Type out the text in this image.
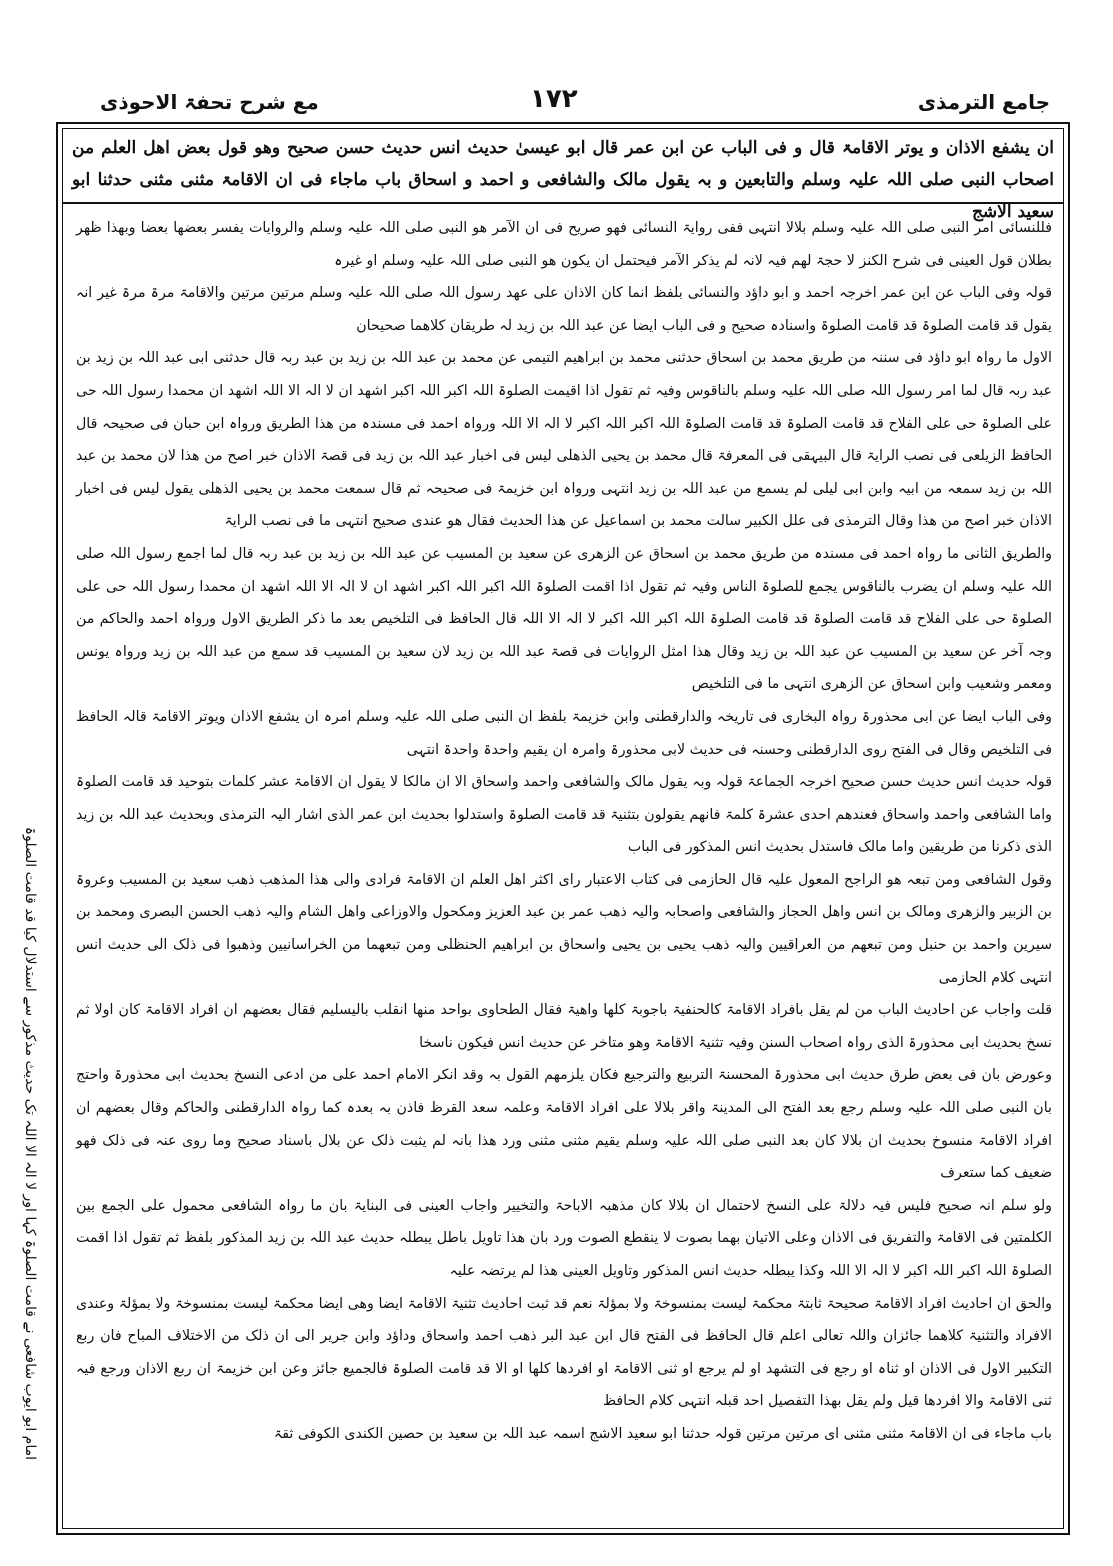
مع شرح تحفۃ الاحوذی	١٧٢	جامع الترمذی
ان یشفع الاذان و یوتر الاقامۃ قال و فی الباب عن ابن عمر قال ابو عیسیٰ حدیث انس حدیث حسن صحیح وھو قول بعض اھل العلم من اصحاب النبی صلی اللہ علیہ وسلم والتابعین و بہ یقول مالک والشافعی و احمد و اسحاق باب ماجاء فی ان الاقامۃ مثنی مثنی حدثنا ابو سعید الاشج

فللنسائی امر النبی صلی اللہ علیہ وسلم بلالا انتہی ففی روایۃ النسائی فھو صریح فی ان الآمر ھو النبی صلی اللہ علیہ وسلم والروایات یفسر بعضھا بعضا وبھذا ظھر بطلان قول العینی فی شرح الکنز لا حجۃ لھم فیہ لانہ لم یذکر الآمر فیحتمل ان یکون ھو النبی صلی اللہ علیہ وسلم او غیرہ

قولہ وفی الباب عن ابن عمر اخرجہ احمد و ابو داؤد والنسائی بلفظ انما کان الاذان علی عھد رسول اللہ صلی اللہ علیہ وسلم مرتین مرتین والاقامۃ مرۃ مرۃ غیر انہ یقول قد قامت الصلوۃ قد قامت الصلوۃ واسنادہ صحیح و فی الباب ایضا عن عبد اللہ بن زید لہ طریقان کلاھما صحیحان

الاول ما رواہ ابو داؤد فی سننہ من طریق محمد بن اسحاق حدثنی محمد بن ابراھیم التیمی عن محمد بن عبد اللہ بن زید بن عبد ربہ قال حدثنی ابی عبد اللہ بن زید بن عبد ربہ قال لما امر رسول اللہ صلی اللہ علیہ وسلم بالناقوس وفیہ ثم تقول اذا اقیمت الصلوۃ اللہ اکبر اللہ اکبر اشھد ان لا الہ الا اللہ اشھد ان محمدا رسول اللہ حی علی الصلوۃ حی علی الفلاح قد قامت الصلوۃ قد قامت الصلوۃ اللہ اکبر اللہ اکبر لا الہ الا اللہ ورواہ احمد فی مسندہ من ھذا الطریق ورواہ ابن حبان فی صحیحہ قال الحافظ الزیلعی فی نصب الرایۃ قال البیہقی فی المعرفۃ قال محمد بن یحیی الذھلی لیس فی اخبار عبد اللہ بن زید فی قصۃ الاذان خبر اصح من ھذا لان محمد بن عبد اللہ بن زید سمعہ من ابیہ وابن ابی لیلی لم یسمع من عبد اللہ بن زید انتہی ورواہ ابن خزیمۃ فی صحیحہ ثم قال سمعت محمد بن یحیی الذھلی یقول لیس فی اخبار الاذان خبر اصح من ھذا وقال الترمذی فی علل الکبیر سالت محمد بن اسماعیل عن ھذا الحدیث فقال ھو عندی صحیح انتہی ما فی نصب الرایۃ

والطریق الثانی ما رواہ احمد فی مسندہ من طریق محمد بن اسحاق عن الزھری عن سعید بن المسیب عن عبد اللہ بن زید بن عبد ربہ قال لما اجمع رسول اللہ صلی اللہ علیہ وسلم ان یضرب بالناقوس یجمع للصلوۃ الناس وفیہ ثم تقول اذا اقمت الصلوۃ اللہ اکبر اللہ اکبر اشھد ان لا الہ الا اللہ اشھد ان محمدا رسول اللہ حی علی الصلوۃ حی علی الفلاح قد قامت الصلوۃ قد قامت الصلوۃ اللہ اکبر اللہ اکبر لا الہ الا اللہ قال الحافظ فی التلخیص بعد ما ذکر الطریق الاول ورواہ احمد والحاکم من وجہ آخر عن سعید بن المسیب عن عبد اللہ بن زید وقال ھذا امثل الروایات فی قصۃ عبد اللہ بن زید لان سعید بن المسیب قد سمع من عبد اللہ بن زید ورواہ یونس ومعمر وشعیب وابن اسحاق عن الزھری انتہی ما فی التلخیص

وفی الباب ایضا عن ابی محذورۃ رواہ البخاری فی تاریخہ والدارقطنی وابن خزیمۃ بلفظ ان النبی صلی اللہ علیہ وسلم امرہ ان یشفع الاذان ویوتر الاقامۃ قالہ الحافظ فی التلخیص وقال فی الفتح روی الدارقطنی وحسنہ فی حدیث لابی محذورۃ وامرہ ان یقیم واحدۃ واحدۃ انتہی

قولہ حدیث انس حدیث حسن صحیح اخرجہ الجماعۃ قولہ وبہ یقول مالک والشافعی واحمد واسحاق الا ان مالکا لا یقول ان الاقامۃ عشر کلمات بتوحید قد قامت الصلوۃ واما الشافعی واحمد واسحاق فعندھم احدی عشرۃ کلمۃ فانھم یقولون بتثنیۃ قد قامت الصلوۃ واستدلوا بحدیث ابن عمر الذی اشار الیہ الترمذی وبحدیث عبد اللہ بن زید الذی ذکرنا من طریقین واما مالک فاستدل بحدیث انس المذکور فی الباب

وقول الشافعی ومن تبعہ ھو الراجح المعول علیہ قال الحازمی فی کتاب الاعتبار رای اکثر اھل العلم ان الاقامۃ فرادی والی ھذا المذھب ذھب سعید بن المسیب وعروۃ بن الزبیر والزھری ومالک بن انس واھل الحجاز والشافعی واصحابہ والیہ ذھب عمر بن عبد العزیز ومکحول والاوزاعی واھل الشام والیہ ذھب الحسن البصری ومحمد بن سیرین واحمد بن حنبل ومن تبعھم من العراقیین والیہ ذھب یحیی بن یحیی واسحاق بن ابراھیم الحنظلی ومن تبعھما من الخراسانیین وذھبوا فی ذلک الی حدیث انس انتہی کلام الحازمی

قلت واجاب عن احادیث الباب من لم یقل بافراد الاقامۃ کالحنفیۃ باجوبۃ کلھا واھیۃ فقال الطحاوی بواحد منھا انقلب بالیسلیم فقال بعضھم ان افراد الاقامۃ کان اولا ثم نسخ بحدیث ابی محذورۃ الذی رواہ اصحاب السنن وفیہ تثنیۃ الاقامۃ وھو متاخر عن حدیث انس فیکون ناسخا

وعورض بان فی بعض طرق حدیث ابی محذورۃ المحسنۃ التربیع والترجیع فکان یلزمھم القول بہ وقد انکر الامام احمد علی من ادعی النسخ بحدیث ابی محذورۃ واحتج بان النبی صلی اللہ علیہ وسلم رجع بعد الفتح الی المدینۃ واقر بلالا علی افراد الاقامۃ وعلمہ سعد القرظ فاذن بہ بعدہ کما رواہ الدارقطنی والحاکم وقال بعضھم ان افراد الاقامۃ منسوخ بحدیث ان بلالا کان بعد النبی صلی اللہ علیہ وسلم یقیم مثنی مثنی ورد ھذا بانہ لم یثبت ذلک عن بلال باسناد صحیح وما روی عنہ فی ذلک فھو ضعیف کما ستعرف

ولو سلم انہ صحیح فلیس فیہ دلالۃ علی النسخ لاحتمال ان بلالا کان مذھبہ الاباحۃ والتخییر واجاب العینی فی البنایۃ بان ما رواہ الشافعی محمول علی الجمع بین الکلمتین فی الاقامۃ والتفریق فی الاذان وعلی الاتیان بھما بصوت لا ینقطع الصوت ورد بان ھذا تاویل باطل یبطلہ حدیث عبد اللہ بن زید المذکور بلفظ ثم تقول اذا اقمت الصلوۃ اللہ اکبر اللہ اکبر لا الہ الا اللہ وکذا یبطلہ حدیث انس المذکور وتاویل العینی ھذا لم یرتضہ علیہ

والحق ان احادیث افراد الاقامۃ صحیحۃ ثابتۃ محکمۃ لیست بمنسوخۃ ولا بمؤلۃ نعم قد ثبت احادیث تثنیۃ الاقامۃ ایضا وھی ایضا محکمۃ لیست بمنسوخۃ ولا بمؤلۃ وعندی الافراد والتثنیۃ کلاھما جائزان واللہ تعالی اعلم قال الحافظ فی الفتح قال ابن عبد البر ذھب احمد واسحاق وداؤد وابن جریر الی ان ذلک من الاختلاف المباح فان ربع التکبیر الاول فی الاذان او ثناہ او رجع فی التشھد او لم یرجع او ثنی الاقامۃ او افردھا کلھا او الا قد قامت الصلوۃ فالجمیع جائز وعن ابن خزیمۃ ان ربع الاذان ورجع فیہ ثنی الاقامۃ والا افردھا قیل ولم یقل بھذا التفصیل احد قبلہ انتہی کلام الحافظ

باب ماجاء فی ان الاقامۃ مثنی مثنی ای مرتین مرتین قولہ حدثنا ابو سعید الاشج اسمہ عبد اللہ بن سعید بن حصین الکندی الکوفی ثقۃ

امام ابو ایوب شافعی نے قامت الصلوۃ کہا اور لا الہ الا اللہ تک حدیث مذکور سے استدلال کیا قد قامت الصلوۃ
